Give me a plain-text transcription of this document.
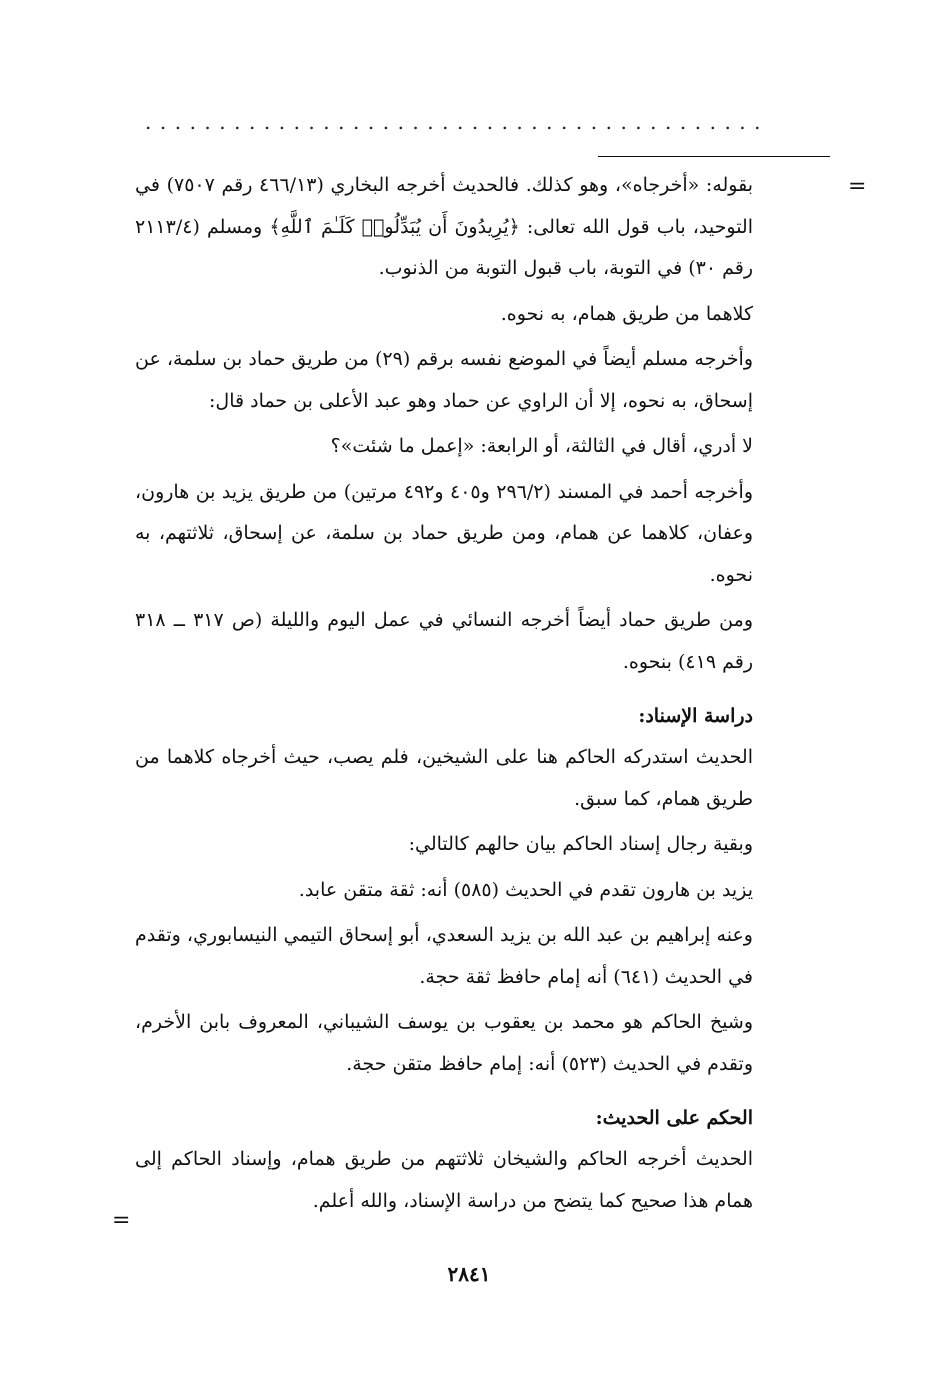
..........................................
=
=

بقوله: «أخرجاه»، وهو كذلك. فالحديث أخرجه البخاري (٤٦٦/١٣ رقم ٧٥٠٧) في التوحيد، باب قول الله تعالى: ﴿يُرِيدُونَ أَن يُبَدِّلُوا۟ كَلَـٰمَ ٱللَّهِ﴾ ومسلم (٢١١٣/٤ رقم ٣٠) في التوبة، باب قبول التوبة من الذنوب.

كلاهما من طريق همام، به نحوه.

وأخرجه مسلم أيضاً في الموضع نفسه برقم (٢٩) من طريق حماد بن سلمة، عن إسحاق، به نحوه، إلا أن الراوي عن حماد وهو عبد الأعلى بن حماد قال:

لا أدري، أقال في الثالثة، أو الرابعة: «إعمل ما شئت»؟

وأخرجه أحمد في المسند (٢٩٦/٢ و٤٠٥ و٤٩٢ مرتين) من طريق يزيد بن هارون، وعفان، كلاهما عن همام، ومن طريق حماد بن سلمة، عن إسحاق، ثلاثتهم، به نحوه.

ومن طريق حماد أيضاً أخرجه النسائي في عمل اليوم والليلة (ص ٣١٧ ــ ٣١٨ رقم ٤١٩) بنحوه.

دراسة الإسناد:

الحديث استدركه الحاكم هنا على الشيخين، فلم يصب، حيث أخرجاه كلاهما من طريق همام، كما سبق.

وبقية رجال إسناد الحاكم بيان حالهم كالتالي:

يزيد بن هارون تقدم في الحديث (٥٨٥) أنه: ثقة متقن عابد.

وعنه إبراهيم بن عبد الله بن يزيد السعدي، أبو إسحاق التيمي النيسابوري، وتقدم في الحديث (٦٤١) أنه إمام حافظ ثقة حجة.

وشيخ الحاكم هو محمد بن يعقوب بن يوسف الشيباني، المعروف بابن الأخرم، وتقدم في الحديث (٥٢٣) أنه: إمام حافظ متقن حجة.

الحكم على الحديث:

الحديث أخرجه الحاكم والشيخان ثلاثتهم من طريق همام، وإسناد الحاكم إلى همام هذا صحيح كما يتضح من دراسة الإسناد، والله أعلم.

٢٨٤١
